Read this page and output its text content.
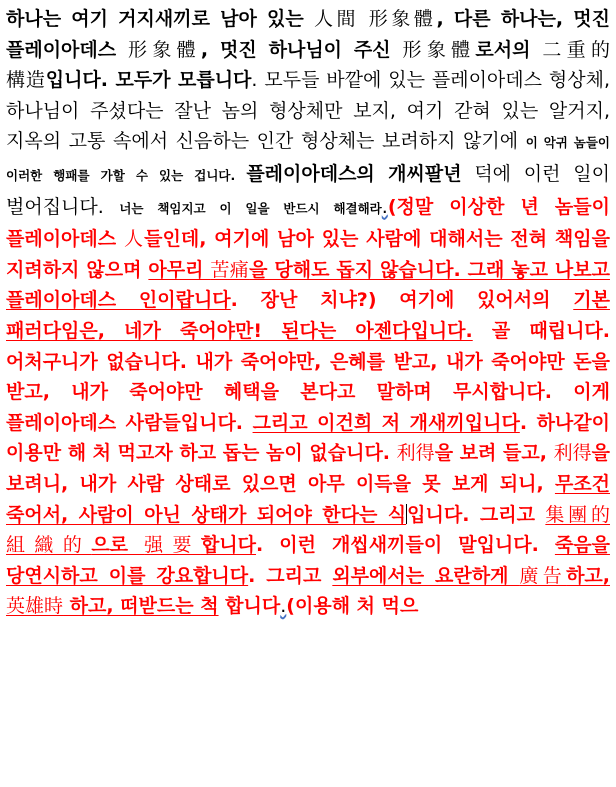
하나는 여기 거지새끼로 남아 있는 人間 形象體, 다른 하나는, 멋진 플레이아데스 形象體, 멋진 하나님이 주신 形象體로서의 二重的 構造입니다. 모두가 모릅니다. 모두들 바깥에 있는 플레이아데스 형상체, 하나님이 주셨다는 잘난 놈의 형상체만 보지, 여기 갇혀 있는 알거지, 지옥의 고통 속에서 신음하는 인간 형상체는 보려하지 않기에 이 악귀 놈들이 이러한 행패를 가할 수 있는 겁니다. 플레이아데스의 개씨팔년 덕에 이런 일이 벌어집니다. 너는 책임지고 이 일을 반드시 해결해라.(정말 이상한 년 놈들이 플레이아데스 人들인데, 여기에 남아 있는 사람에 대해서는 전혀 책임을 지려하지 않으며 아무리 苦痛을 당해도 돕지 않습니다. 그래 놓고 나보고 플레이아데스 인이랍니다. 장난 치냐?) 여기에 있어서의 기본 패러다임은, 네가 죽어야만! 된다는 아젠다입니다. 골 때립니다. 어처구니가 없습니다. 내가 죽어야만, 은혜를 받고, 내가 죽어야만 돈을 받고, 내가 죽어야만 혜택을 본다고 말하며 무시합니다. 이게 플레이아데스 사람들입니다. 그리고 이건희 저 개새끼입니다. 하나같이 이용만 해 처 먹고자 하고 돕는 놈이 없습니다. 利得을 보려 들고, 利得을 보려니, 내가 사람 상태로 있으면 아무 이득을 못 보게 되니, 무조건 죽어서, 사람이 아닌 상태가 되어야 한다는 식입니다. 그리고 集團的 組織的으로 强要합니다. 이런 개씹새끼들이 말입니다. 죽음을 당연시하고 이를 강요합니다. 그리고 외부에서는 요란하게 廣告하고, 英雄時 하고, 떠받드는 척 합니다.(이용해 처 먹으
